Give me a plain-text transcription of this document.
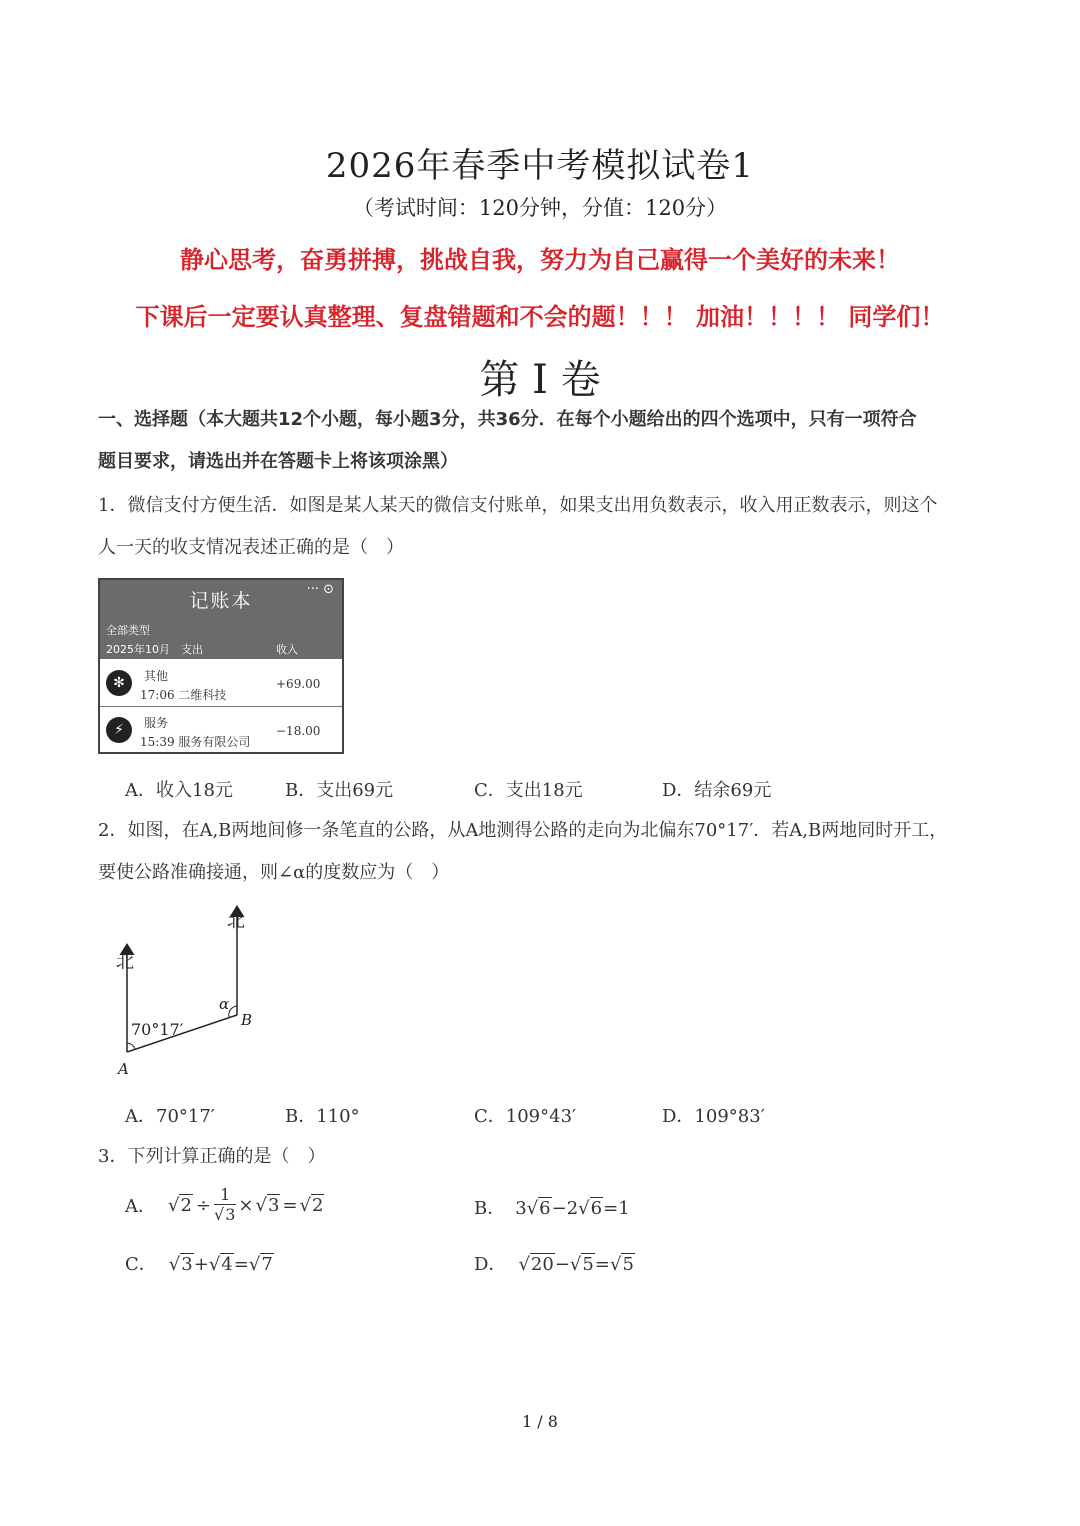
2026年春季中考模拟试卷1
（考试时间：120分钟，分值：120分）
静心思考，奋勇拼搏，挑战自我，努力为自己赢得一个美好的未来！
下课后一定要认真整理、复盘错题和不会的题！！！ 加油！！！！ 同学们！
第 I 卷
一、选择题（本大题共12个小题，每小题3分，共36分．在每个小题给出的四个选项中，只有一项符合
题目要求，请选出并在答题卡上将该项涂黑）
1．微信支付方便生活．如图是某人某天的微信支付账单，如果支出用负数表示，收入用正数表示，则这个
人一天的收支情况表述正确的是（　）
记账本
··· ⊙
全部类型
2025年10月　支出	收入
✻	其他
17:06 二维科技
+69.00
⚡	服务
15:39 服务有限公司
−18.00
A．收入18元	B．支出69元	C．支出18元	D．结余69元
2．如图，在A,B两地间修一条笔直的公路，从A地测得公路的走向为北偏东70°17′．若A,B两地同时开工，
要使公路准确接通，则∠α的度数应为（　）
北
北
70°17′
α
B
A
A．70°17′	B．110°	C．109°43′	D．109°83′
3．下列计算正确的是（　）
A． √ $2 \div \frac{1}{√3}$ × √ 3 = √ 2	B． 3√6−2√6=1
C． √3+√4=√7	D． √20−√5=√5
1 / 8
